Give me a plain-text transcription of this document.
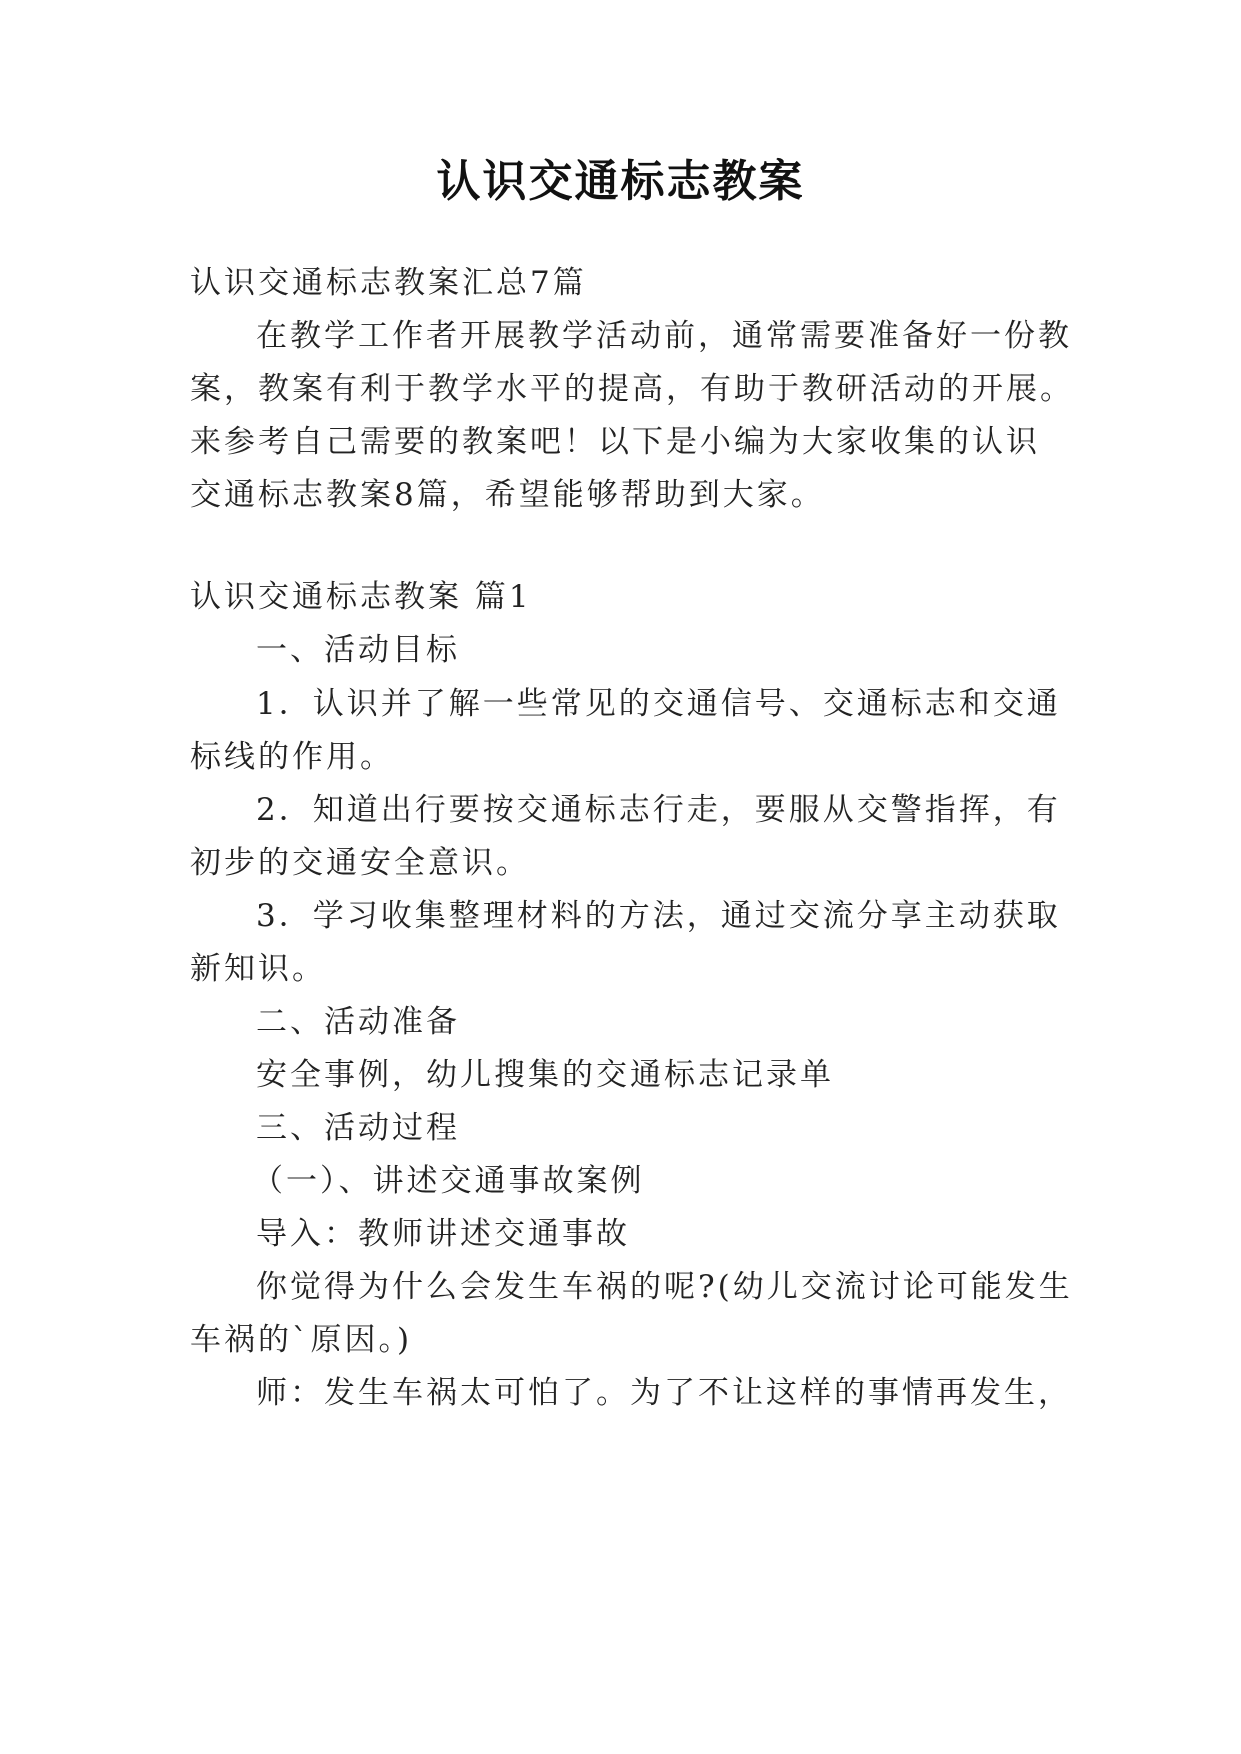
认识交通标志教案
认识交通标志教案汇总7篇
在教学工作者开展教学活动前，通常需要准备好一份教
案，教案有利于教学水平的提高，有助于教研活动的开展。
来参考自己需要的教案吧！以下是小编为大家收集的认识
交通标志教案8篇，希望能够帮助到大家。
认识交通标志教案 篇1
一、活动目标
1．认识并了解一些常见的交通信号、交通标志和交通
标线的作用。
2．知道出行要按交通标志行走，要服从交警指挥，有
初步的交通安全意识。
3．学习收集整理材料的方法，通过交流分享主动获取
新知识。
二、活动准备
安全事例，幼儿搜集的交通标志记录单
三、活动过程
（一）、讲述交通事故案例
导入：教师讲述交通事故
你觉得为什么会发生车祸的呢?(幼儿交流讨论可能发生
车祸的`原因。)
师：发生车祸太可怕了。为了不让这样的事情再发生，
